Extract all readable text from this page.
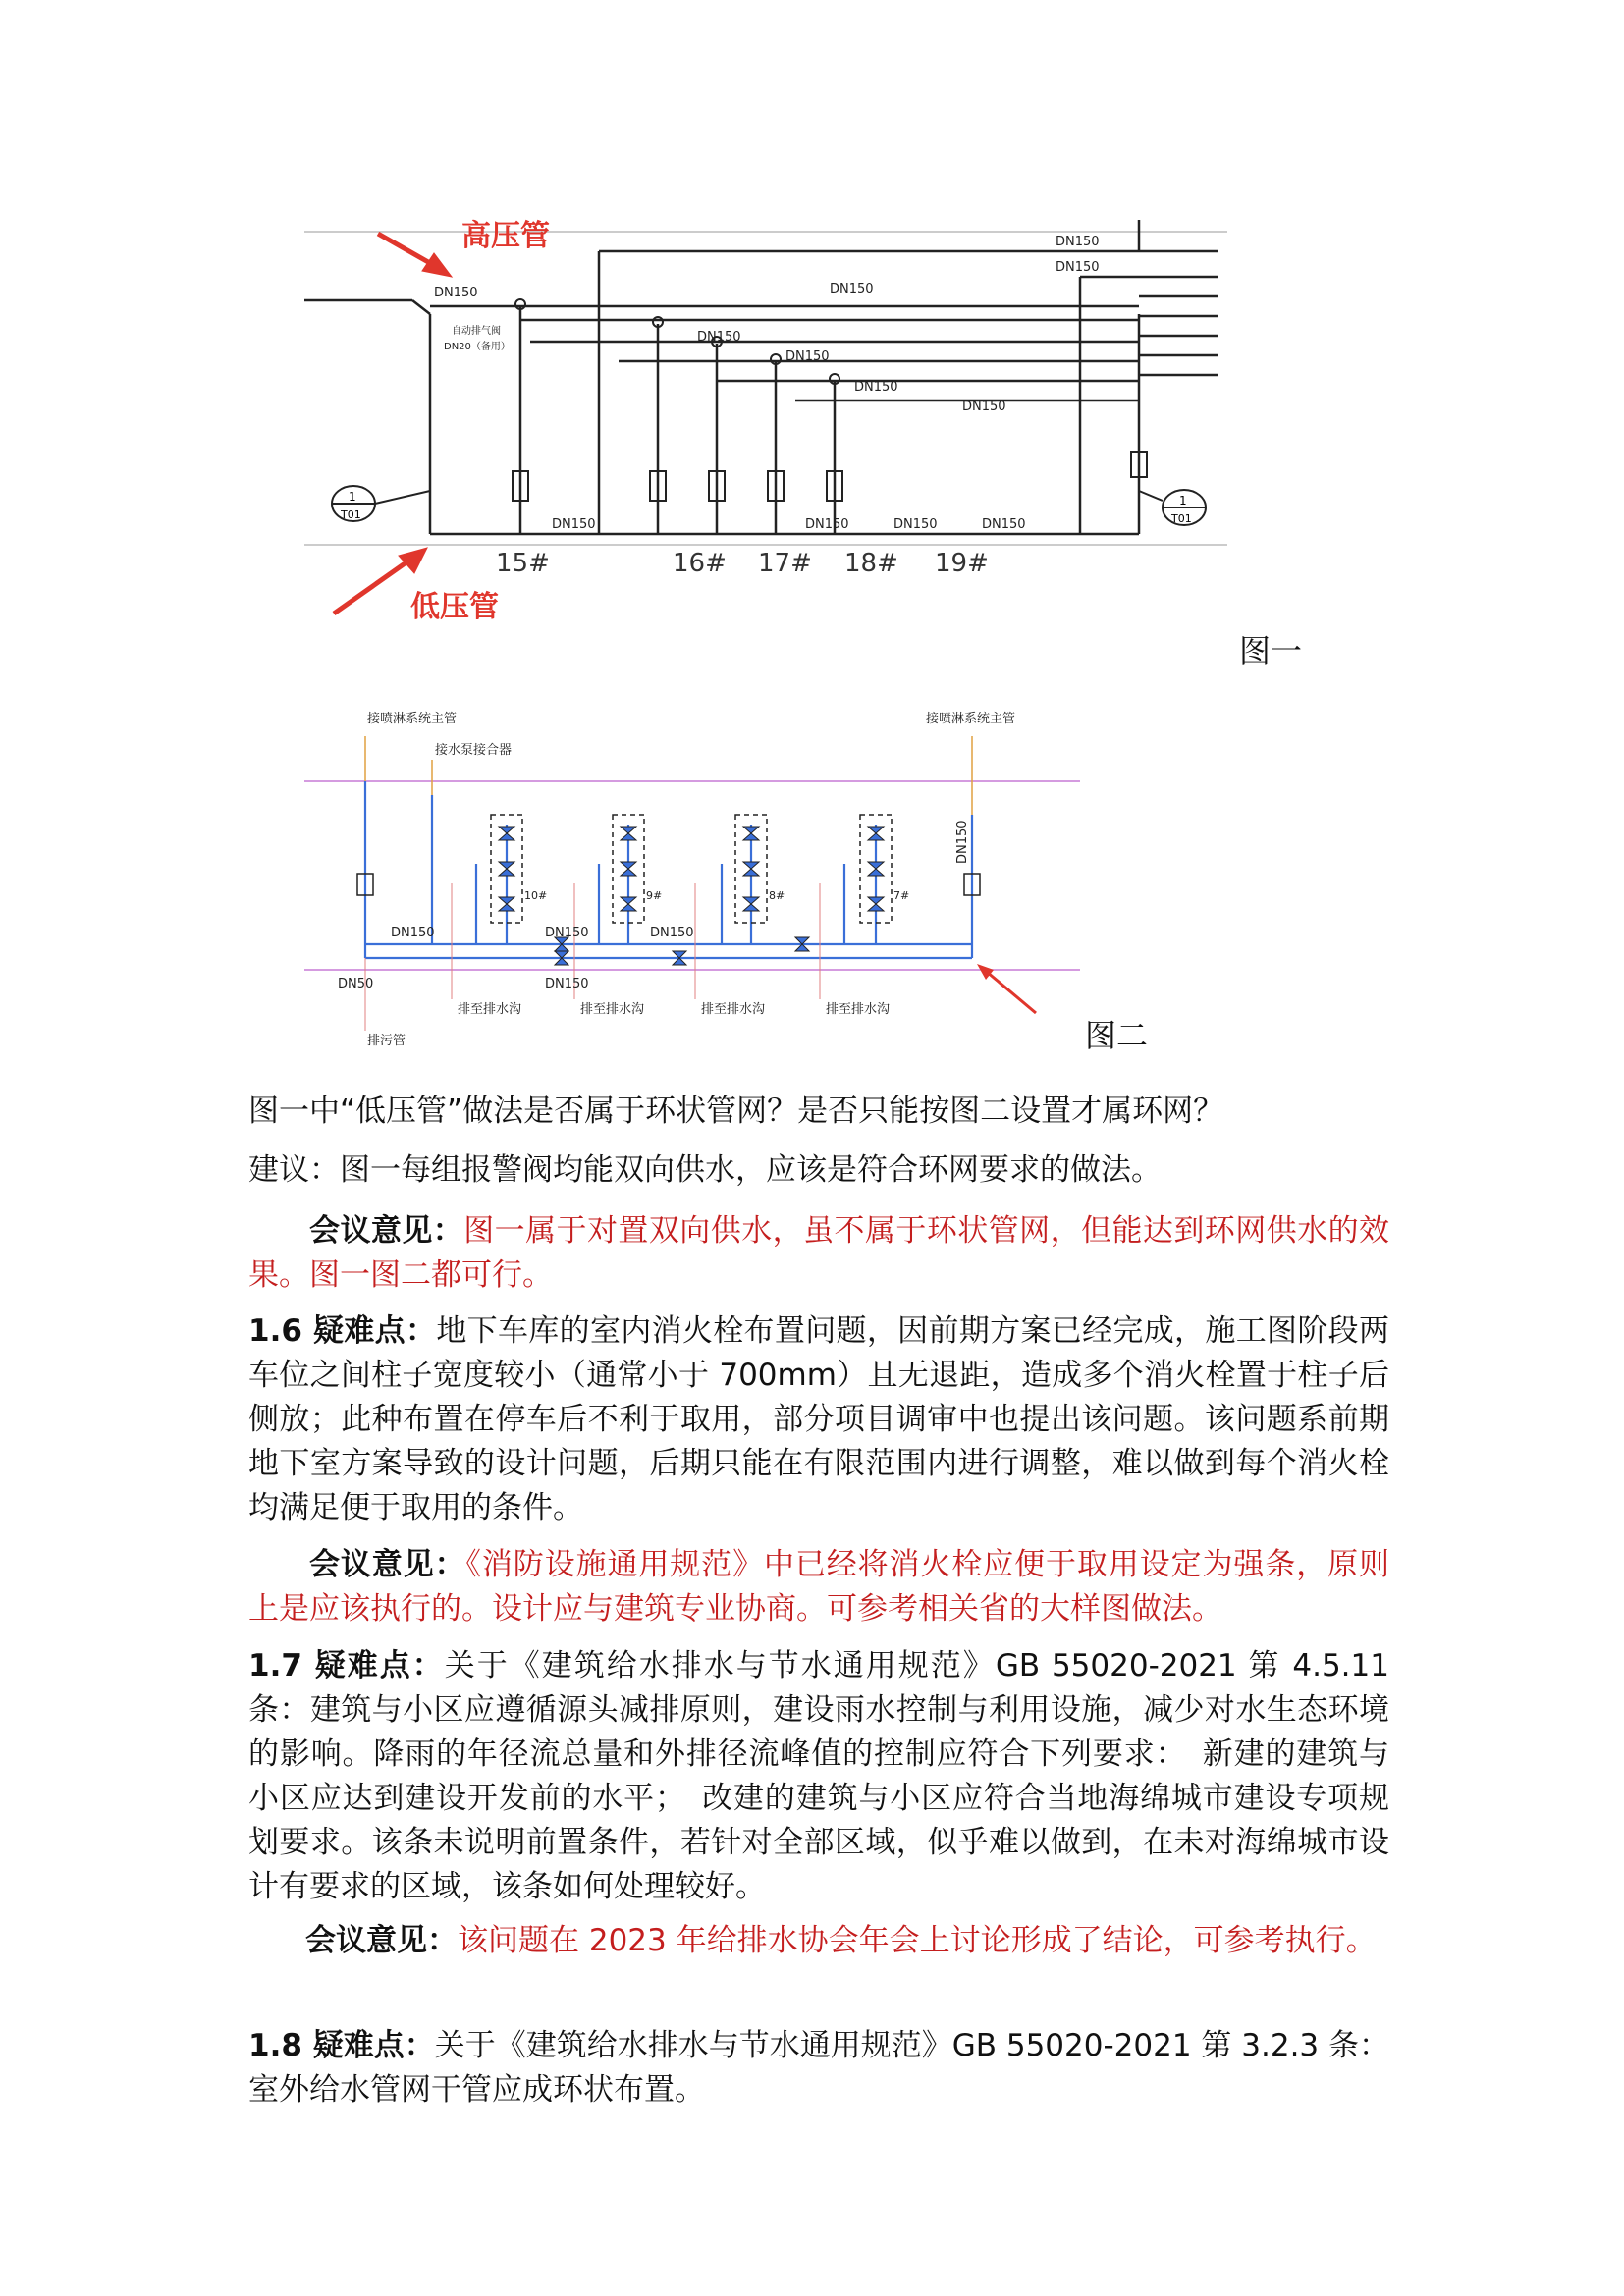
1
T01
1
T01
DN150
DN150
DN150
DN150
DN150
DN150
DN150
DN150
DN150	DN150	DN150	DN150
自动排气阀
DN20（备用）
15#	16# 17# 18# 19#
高压管
低压管
图一
接喷淋系统主管	接喷淋系统主管
接水泵接合器
DN150	DN150	DN150
DN150
DN50
排至排水沟	排至排水沟	排至排水沟	排至排水沟
排污管
10#	9#	8#	7#
DN150
图二

图一中“低压管”做法是否属于环状管网？是否只能按图二设置才属环网？

建议：图一每组报警阀均能双向供水，应该是符合环网要求的做法。

会议意见：图一属于对置双向供水，虽不属于环状管网，但能达到环网供水的效果。图一图二都可行。

1.6 疑难点：地下车库的室内消火栓布置问题，因前期方案已经完成，施工图阶段两车位之间柱子宽度较小（通常小于 700mm）且无退距，造成多个消火栓置于柱子后侧放；此种布置在停车后不利于取用，部分项目调审中也提出该问题。该问题系前期地下室方案导致的设计问题，后期只能在有限范围内进行调整，难以做到每个消火栓均满足便于取用的条件。

会议意见：《消防设施通用规范》中已经将消火栓应便于取用设定为强条，原则上是应该执行的。设计应与建筑专业协商。可参考相关省的大样图做法。

1.7 疑难点：关于《建筑给水排水与节水通用规范》GB 55020-2021 第 4.5.11 条：建筑与小区应遵循源头减排原则，建设雨水控制与利用设施，减少对水生态环境的影响。降雨的年径流总量和外排径流峰值的控制应符合下列要求：　新建的建筑与小区应达到建设开发前的水平；　改建的建筑与小区应符合当地海绵城市建设专项规划要求。该条未说明前置条件，若针对全部区域，似乎难以做到，在未对海绵城市设计有要求的区域，该条如何处理较好。

会议意见：该问题在 2023 年给排水协会年会上讨论形成了结论，可参考执行。

1.8 疑难点：关于《建筑给水排水与节水通用规范》GB 55020-2021 第 3.2.3 条：室外给水管网干管应成环状布置。
